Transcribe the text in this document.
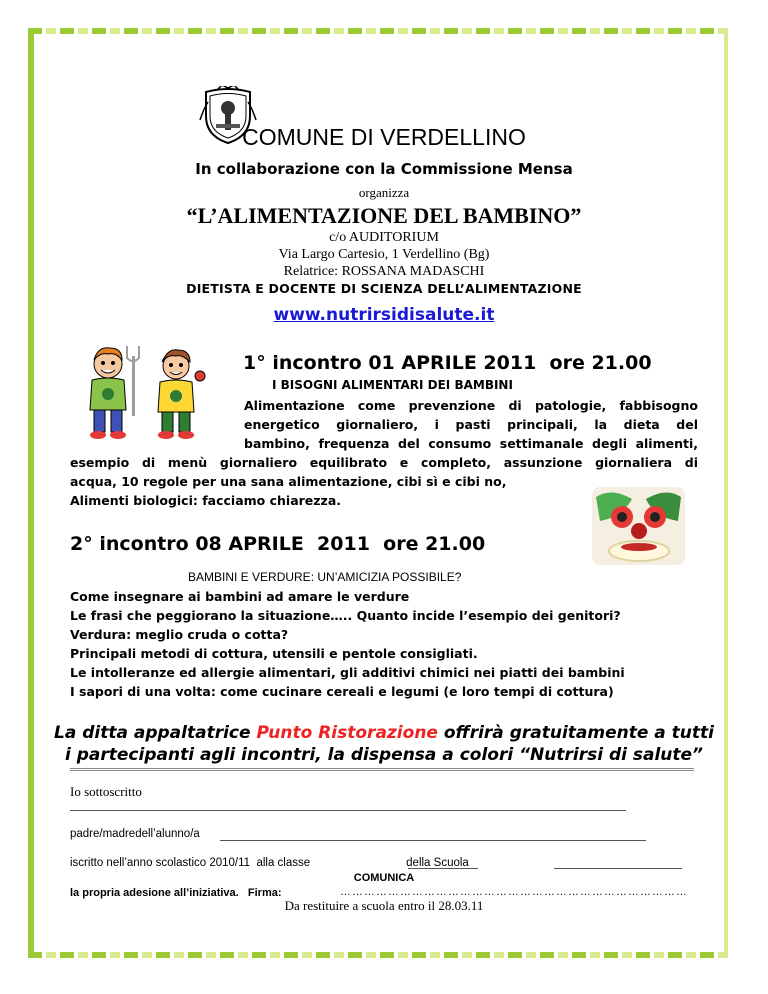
COMUNE DI VERDELLINO
In collaborazione con la Commissione Mensa
organizza
“L’ALIMENTAZIONE DEL BAMBINO”
c/o AUDITORIUM
Via Largo Cartesio, 1 Verdellino (Bg)
Relatrice: ROSSANA MADASCHI
DIETISTA E DOCENTE DI SCIENZA DELL’ALIMENTAZIONE
www.nutrirsidisalute.it
1° incontro 01 APRILE 2011  ore 21.00
I BISOGNI ALIMENTARI DEI BAMBINI
Alimentazione come prevenzione di patologie, fabbisogno
energetico giornaliero, i pasti principali, la dieta del
bambino, frequenza del consumo settimanale degli alimenti,
esempio di menù giornaliero equilibrato e completo, assunzione giornaliera di
acqua, 10 regole per una sana alimentazione, cibi sì e cibi no,
Alimenti biologici: facciamo chiarezza.
2° incontro 08 APRILE  2011  ore 21.00
BAMBINI E VERDURE: UN’AMICIZIA POSSIBILE?
Come insegnare ai bambini ad amare le verdure
Le frasi che peggiorano la situazione….. Quanto incide l’esempio dei genitori?
Verdura: meglio cruda o cotta?
Principali metodi di cottura, utensili e pentole consigliati.
Le intolleranze ed allergie alimentari, gli additivi chimici nei piatti dei bambini
I sapori di una volta: come cucinare cereali e legumi (e loro tempi di cottura)
La ditta appaltatrice Punto Ristorazione offrirà gratuitamente a tutti
i partecipanti agli incontri, la dispensa a colori “Nutrirsi di salute”
Io sottoscritto
padre/madredell’alunno/a
iscritto nell’anno scolastico 2010/11  alla classe	della Scuola
COMUNICA
la propria adesione all’iniziativa. Firma:	……………………………………………………………………………
Da restituire a scuola entro il 28.03.11
